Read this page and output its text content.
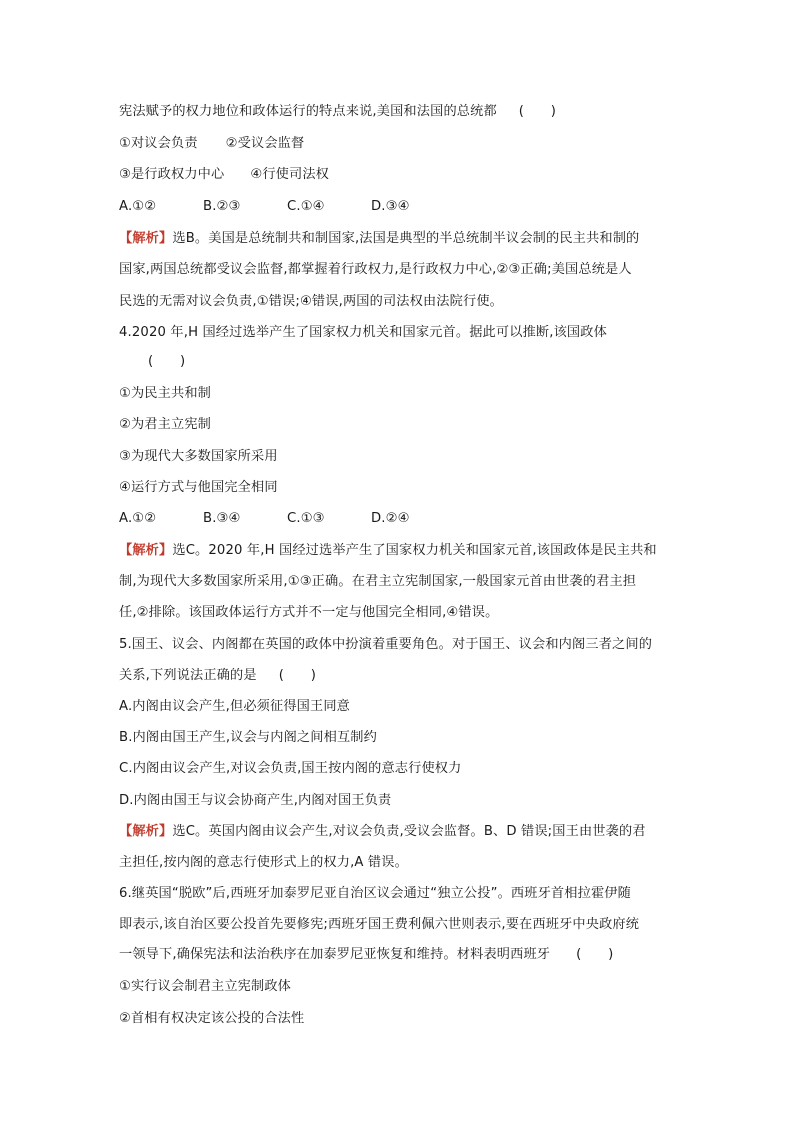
宪法赋予的权力地位和政体运行的特点来说,美国和法国的总统都 (　　)
①对议会负责 ②受议会监督
③是行政权力中心 ④行使司法权
A.①②	B.②③	C.①④	D.③④
【解析】选B。美国是总统制共和制国家,法国是典型的半总统制半议会制的民主共和制的
国家,两国总统都受议会监督,都掌握着行政权力,是行政权力中心,②③正确;美国总统是人
民选的无需对议会负责,①错误;④错误,两国的司法权由法院行使。
4.2020 年,H 国经过选举产生了国家权力机关和国家元首。据此可以推断,该国政体
(　　)
①为民主共和制
②为君主立宪制
③为现代大多数国家所采用
④运行方式与他国完全相同
A.①②	B.③④	C.①③	D.②④
【解析】选C。2020 年,H 国经过选举产生了国家权力机关和国家元首,该国政体是民主共和
制,为现代大多数国家所采用,①③正确。在君主立宪制国家,一般国家元首由世袭的君主担
任,②排除。该国政体运行方式并不一定与他国完全相同,④错误。
5.国王、议会、内阁都在英国的政体中扮演着重要角色。对于国王、议会和内阁三者之间的
关系,下列说法正确的是 (　　)
A.内阁由议会产生,但必须征得国王同意
B.内阁由国王产生,议会与内阁之间相互制约
C.内阁由议会产生,对议会负责,国王按内阁的意志行使权力
D.内阁由国王与议会协商产生,内阁对国王负责
【解析】选C。英国内阁由议会产生,对议会负责,受议会监督。B、D 错误;国王由世袭的君
主担任,按内阁的意志行使形式上的权力,A 错误。
6.继英国“脱欧”后,西班牙加泰罗尼亚自治区议会通过“独立公投”。西班牙首相拉霍伊随
即表示,该自治区要公投首先要修宪;西班牙国王费利佩六世则表示,要在西班牙中央政府统
一领导下,确保宪法和法治秩序在加泰罗尼亚恢复和维持。材料表明西班牙 (　　)
①实行议会制君主立宪制政体
②首相有权决定该公投的合法性
